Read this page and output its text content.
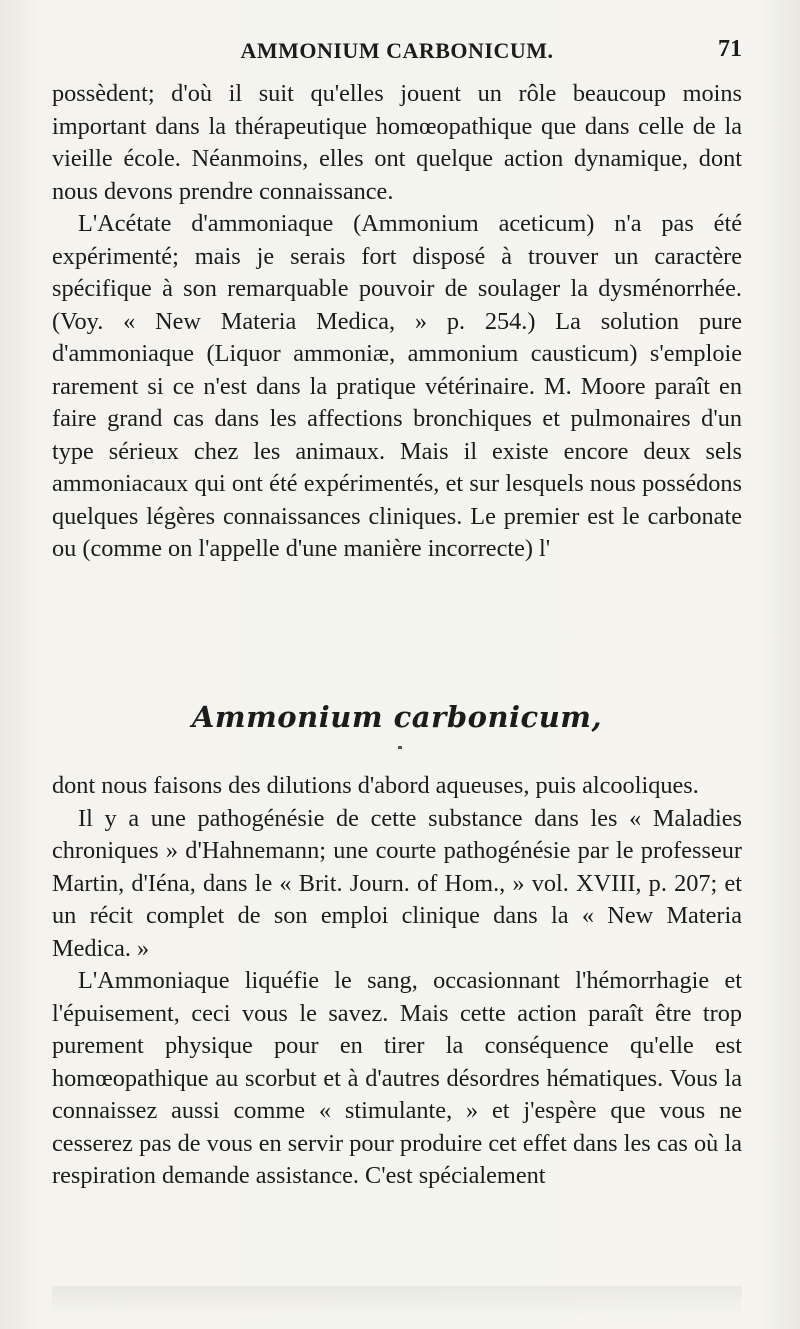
AMMONIUM CARBONICUM.	71

possèdent; d'où il suit qu'elles jouent un rôle beaucoup moins important dans la thérapeutique homœopathique que dans celle de la vieille école. Néanmoins, elles ont quelque action dynamique, dont nous devons prendre connaissance.

L'Acétate d'ammoniaque (Ammonium aceticum) n'a pas été expérimenté; mais je serais fort disposé à trouver un caractère spécifique à son remarquable pouvoir de soulager la dysménorrhée. (Voy. « New Materia Medica, » p. 254.) La solution pure d'ammoniaque (Liquor ammoniæ, ammonium causticum) s'emploie rarement si ce n'est dans la pratique vétérinaire. M. Moore paraît en faire grand cas dans les affections bronchiques et pulmonaires d'un type sérieux chez les animaux. Mais il existe encore deux sels ammoniacaux qui ont été expérimentés, et sur lesquels nous possédons quelques légères connaissances cliniques. Le premier est le carbonate ou (comme on l'appelle d'une manière incorrecte) l'

Ammonium carbonicum,

dont nous faisons des dilutions d'abord aqueuses, puis alcooliques.

Il y a une pathogénésie de cette substance dans les « Maladies chroniques » d'Hahnemann; une courte pathogénésie par le professeur Martin, d'Iéna, dans le « Brit. Journ. of Hom., » vol. XVIII, p. 207; et un récit complet de son emploi clinique dans la « New Materia Medica. »

L'Ammoniaque liquéfie le sang, occasionnant l'hémorrhagie et l'épuisement, ceci vous le savez. Mais cette action paraît être trop purement physique pour en tirer la conséquence qu'elle est homœopathique au scorbut et à d'autres désordres hématiques. Vous la connaissez aussi comme « stimulante, » et j'espère que vous ne cesserez pas de vous en servir pour produire cet effet dans les cas où la respiration demande assistance. C'est spécialement
